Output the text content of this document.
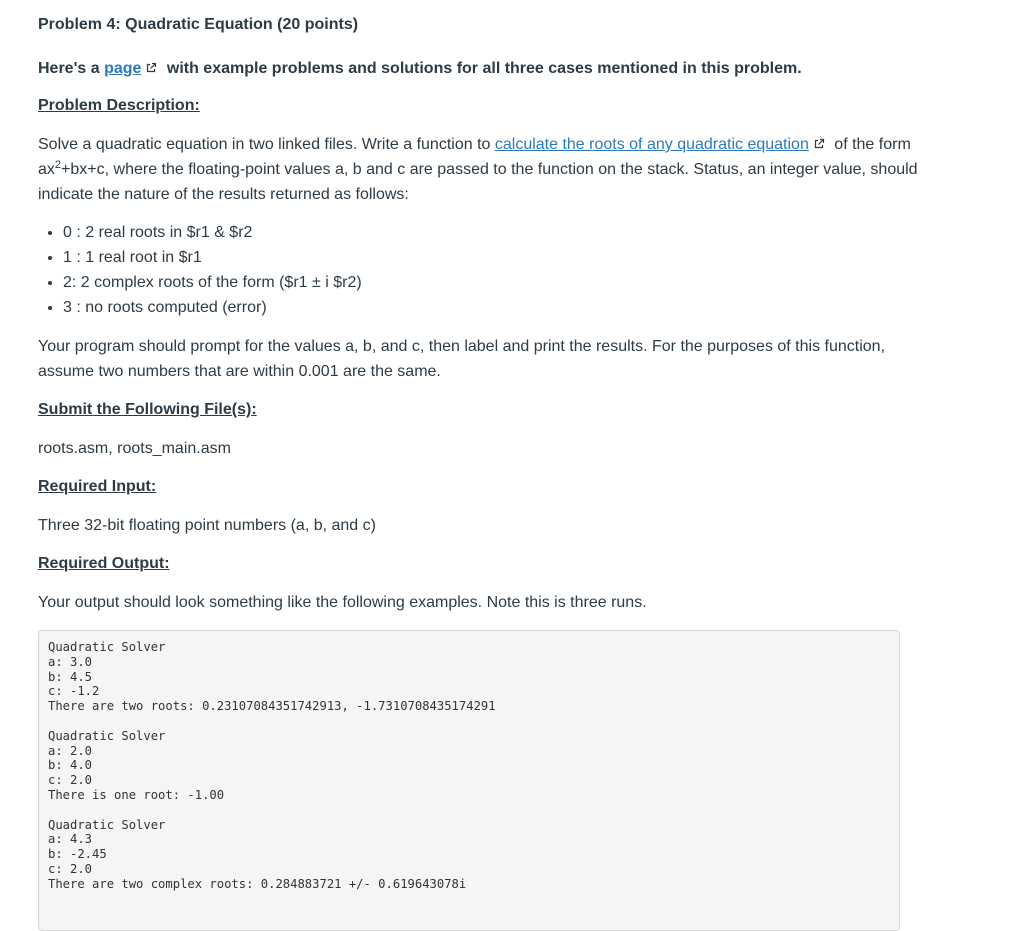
Problem 4: Quadratic Equation (20 points)
Here's a page with example problems and solutions for all three cases mentioned in this problem.
Problem Description:

Solve a quadratic equation in two linked files. Write a function to calculate the roots of any quadratic equation of the form $ax^2+bx+c$, where the floating-point values a, b and c are passed to the function on the stack. Status, an integer value, should indicate the nature of the results returned as follows:

• 0 : 2 real roots in $r1 & $r2
• 1 : 1 real root in $r1
• 2: 2 complex roots of the form ($r1 ± i $r2)
• 3 : no roots computed (error)

Your program should prompt for the values a, b, and c, then label and print the results. For the purposes of this function, assume two numbers that are within 0.001 are the same.

Submit the Following File(s):

roots.asm, roots_main.asm

Required Input:

Three 32-bit floating point numbers (a, b, and c)

Required Output:

Your output should look something like the following examples. Note this is three runs.

Quadratic Solver
a: 3.0
b: 4.5
c: -1.2
There are two roots: 0.23107084351742913, -1.7310708435174291
Quadratic Solver
a: 2.0
b: 4.0
c: 2.0
There is one root: -1.00
Quadratic Solver
a: 4.3
b: -2.45
c: 2.0
There are two complex roots: 0.284883721 +/- 0.619643078i
